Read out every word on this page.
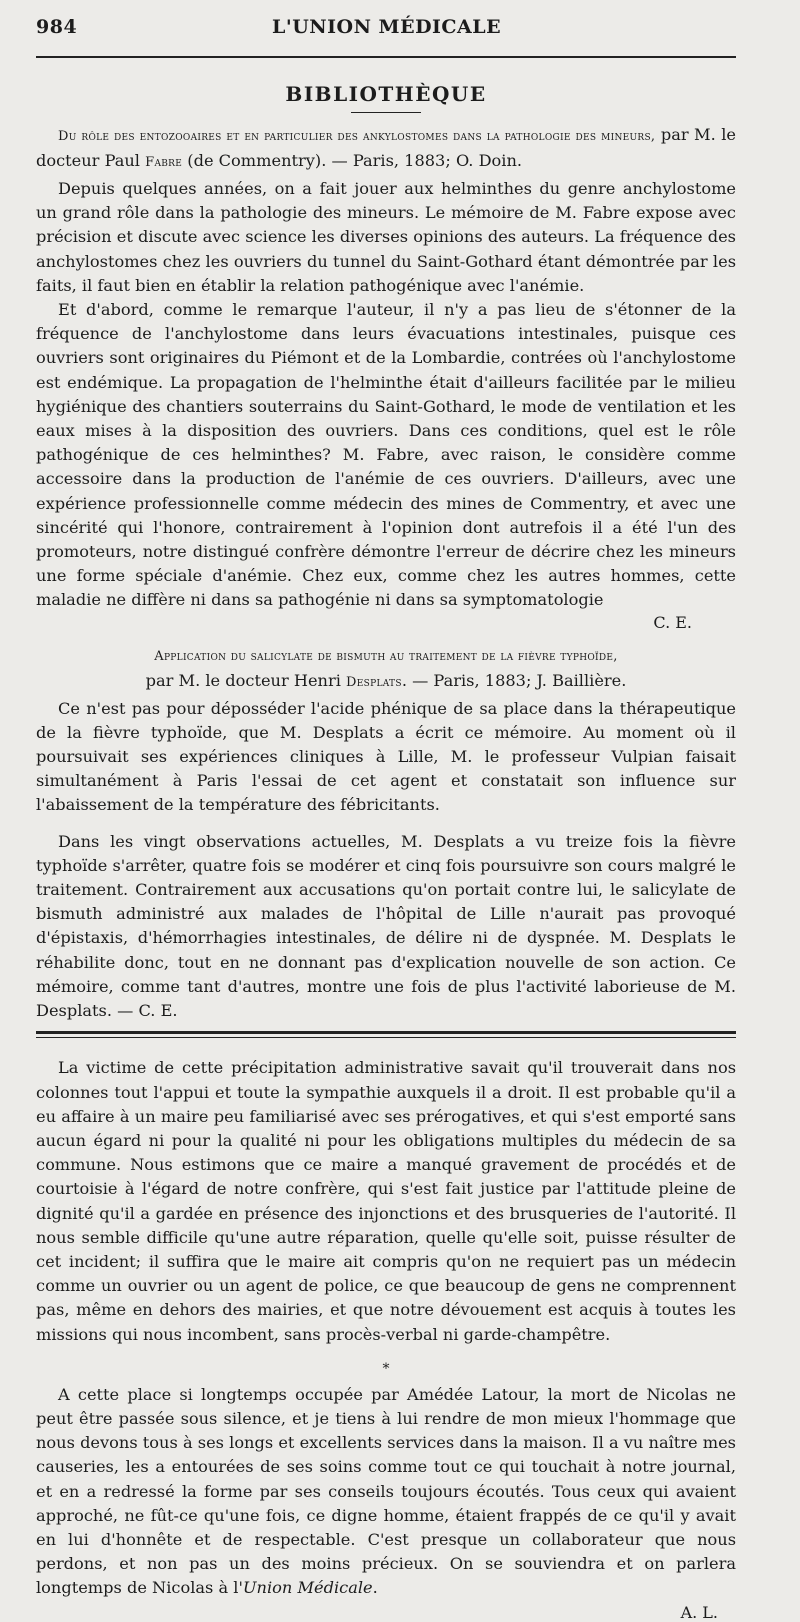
984	L'UNION MÉDICALE
BIBLIOTHÈQUE
Du rôle des entozooaires et en particulier des ankylostomes dans la pathologie des mineurs, par M. le docteur Paul Fabre (de Commentry). — Paris, 1883; O. Doin.

Depuis quelques années, on a fait jouer aux helminthes du genre anchylostome un grand rôle dans la pathologie des mineurs. Le mémoire de M. Fabre expose avec précision et discute avec science les diverses opinions des auteurs. La fréquence des anchylostomes chez les ouvriers du tunnel du Saint-Gothard étant démontrée par les faits, il faut bien en établir la relation pathogénique avec l'anémie.

Et d'abord, comme le remarque l'auteur, il n'y a pas lieu de s'étonner de la fréquence de l'anchylostome dans leurs évacuations intestinales, puisque ces ouvriers sont originaires du Piémont et de la Lombardie, contrées où l'anchylostome est endémique. La propagation de l'helminthe était d'ailleurs facilitée par le milieu hygiénique des chantiers souterrains du Saint-Gothard, le mode de ventilation et les eaux mises à la disposition des ouvriers. Dans ces conditions, quel est le rôle pathogénique de ces helminthes? M. Fabre, avec raison, le considère comme accessoire dans la production de l'anémie de ces ouvriers. D'ailleurs, avec une expérience professionnelle comme médecin des mines de Commentry, et avec une sincérité qui l'honore, contrairement à l'opinion dont autrefois il a été l'un des promoteurs, notre distingué confrère démontre l'erreur de décrire chez les mineurs une forme spéciale d'anémie. Chez eux, comme chez les autres hommes, cette maladie ne diffère ni dans sa pathogénie ni dans sa symptomatologie

C. E.
Application du salicylate de bismuth au traitement de la fièvre typhoïde,
par M. le docteur Henri Desplats. — Paris, 1883; J. Baillière.

Ce n'est pas pour déposséder l'acide phénique de sa place dans la thérapeutique de la fièvre typhoïde, que M. Desplats a écrit ce mémoire. Au moment où il poursuivait ses expériences cliniques à Lille, M. le professeur Vulpian faisait simultanément à Paris l'essai de cet agent et constatait son influence sur l'abaissement de la température des fébricitants.

Dans les vingt observations actuelles, M. Desplats a vu treize fois la fièvre typhoïde s'arrêter, quatre fois se modérer et cinq fois poursuivre son cours malgré le traitement. Contrairement aux accusations qu'on portait contre lui, le salicylate de bismuth administré aux malades de l'hôpital de Lille n'aurait pas provoqué d'épistaxis, d'hémorrhagies intestinales, de délire ni de dyspnée. M. Desplats le réhabilite donc, tout en ne donnant pas d'explication nouvelle de son action. Ce mémoire, comme tant d'autres, montre une fois de plus l'activité laborieuse de M. Desplats. — C. E.

La victime de cette précipitation administrative savait qu'il trouverait dans nos colonnes tout l'appui et toute la sympathie auxquels il a droit. Il est probable qu'il a eu affaire à un maire peu familiarisé avec ses prérogatives, et qui s'est emporté sans aucun égard ni pour la qualité ni pour les obligations multiples du médecin de sa commune. Nous estimons que ce maire a manqué gravement de procédés et de courtoisie à l'égard de notre confrère, qui s'est fait justice par l'attitude pleine de dignité qu'il a gardée en présence des injonctions et des brusqueries de l'autorité. Il nous semble difficile qu'une autre réparation, quelle qu'elle soit, puisse résulter de cet incident; il suffira que le maire ait compris qu'on ne requiert pas un médecin comme un ouvrier ou un agent de police, ce que beaucoup de gens ne comprennent pas, même en dehors des mairies, et que notre dévouement est acquis à toutes les missions qui nous incombent, sans procès-verbal ni garde-champêtre.

*

A cette place si longtemps occupée par Amédée Latour, la mort de Nicolas ne peut être passée sous silence, et je tiens à lui rendre de mon mieux l'hommage que nous devons tous à ses longs et excellents services dans la maison. Il a vu naître mes causeries, les a entourées de ses soins comme tout ce qui touchait à notre journal, et en a redressé la forme par ses conseils toujours écoutés. Tous ceux qui avaient approché, ne fût-ce qu'une fois, ce digne homme, étaient frappés de ce qu'il y avait en lui d'honnête et de respectable. C'est presque un collaborateur que nous perdons, et non pas un des moins précieux. On se souviendra et on parlera longtemps de Nicolas à l'Union Médicale.

A. L.
